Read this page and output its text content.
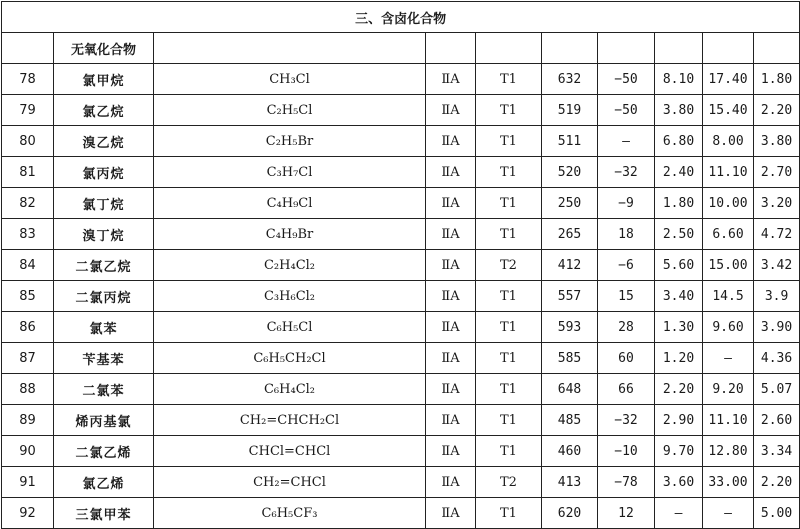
三、含卤化合物									
	无氧化合物								
78	氯甲烷	CH₃Cl	ⅡA	T1	632	−50	8.10	17.40	1.80
79	氯乙烷	C₂H₅Cl	ⅡA	T1	519	−50	3.80	15.40	2.20
80	溴乙烷	C₂H₅Br	ⅡA	T1	511	—	6.80	8.00	3.80
81	氯丙烷	C₃H₇Cl	ⅡA	T1	520	−32	2.40	11.10	2.70
82	氯丁烷	C₄H₉Cl	ⅡA	T1	250	−9	1.80	10.00	3.20
83	溴丁烷	C₄H₉Br	ⅡA	T1	265	18	2.50	6.60	4.72
84	二氯乙烷	C₂H₄Cl₂	ⅡA	T2	412	−6	5.60	15.00	3.42
85	二氯丙烷	C₃H₆Cl₂	ⅡA	T1	557	15	3.40	14.5	3.9
86	氯苯	C₆H₅Cl	ⅡA	T1	593	28	1.30	9.60	3.90
87	苄基苯	C₆H₅CH₂Cl	ⅡA	T1	585	60	1.20	—	4.36
88	二氯苯	C₆H₄Cl₂	ⅡA	T1	648	66	2.20	9.20	5.07
89	烯丙基氯	CH₂=CHCH₂Cl	ⅡA	T1	485	−32	2.90	11.10	2.60
90	二氯乙烯	CHCl=CHCl	ⅡA	T1	460	−10	9.70	12.80	3.34
91	氯乙烯	CH₂=CHCl	ⅡA	T2	413	−78	3.60	33.00	2.20
92	三氯甲苯	C₆H₅CF₃	ⅡA	T1	620	12	—	—	5.00
